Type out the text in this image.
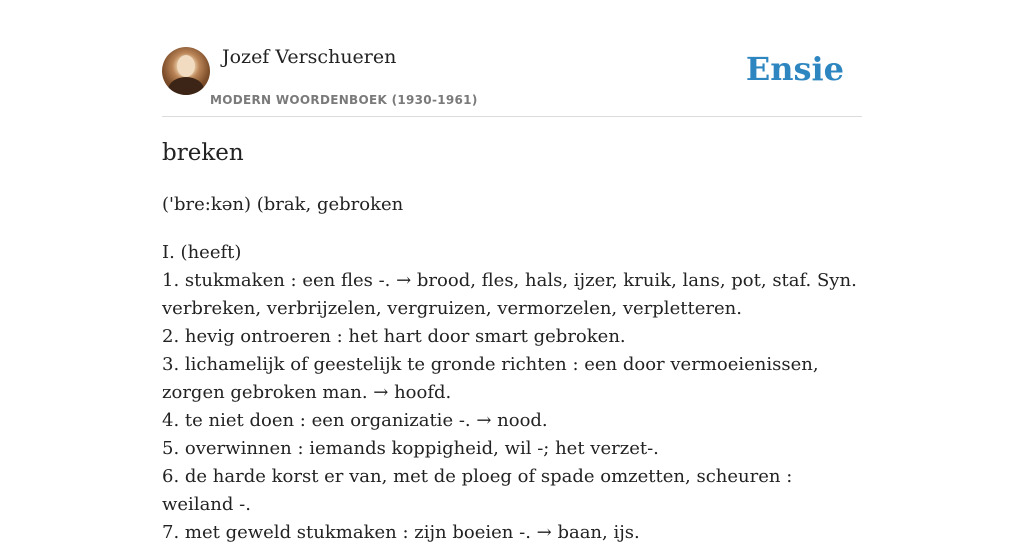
Jozef Verschueren
MODERN WOORDENBOEK (1930-1961)
Ensie
breken
('bre:kən) (brak, gebroken
I. (heeft)
1. stukmaken : een fles -. → brood, fles, hals, ijzer, kruik, lans, pot, staf. Syn. verbreken, verbrijzelen, vergruizen, vermorzelen, verpletteren.
2. hevig ontroeren : het hart door smart gebroken.
3. lichamelijk of geestelijk te gronde richten : een door vermoeienissen, zorgen gebroken man. → hoofd.
4. te niet doen : een organizatie -. → nood.
5. overwinnen : iemands koppigheid, wil -; het verzet-.
6. de harde korst er van, met de ploeg of spade omzetten, scheuren : weiland -.
7. met geweld stukmaken : zijn boeien -. → baan, ijs.
